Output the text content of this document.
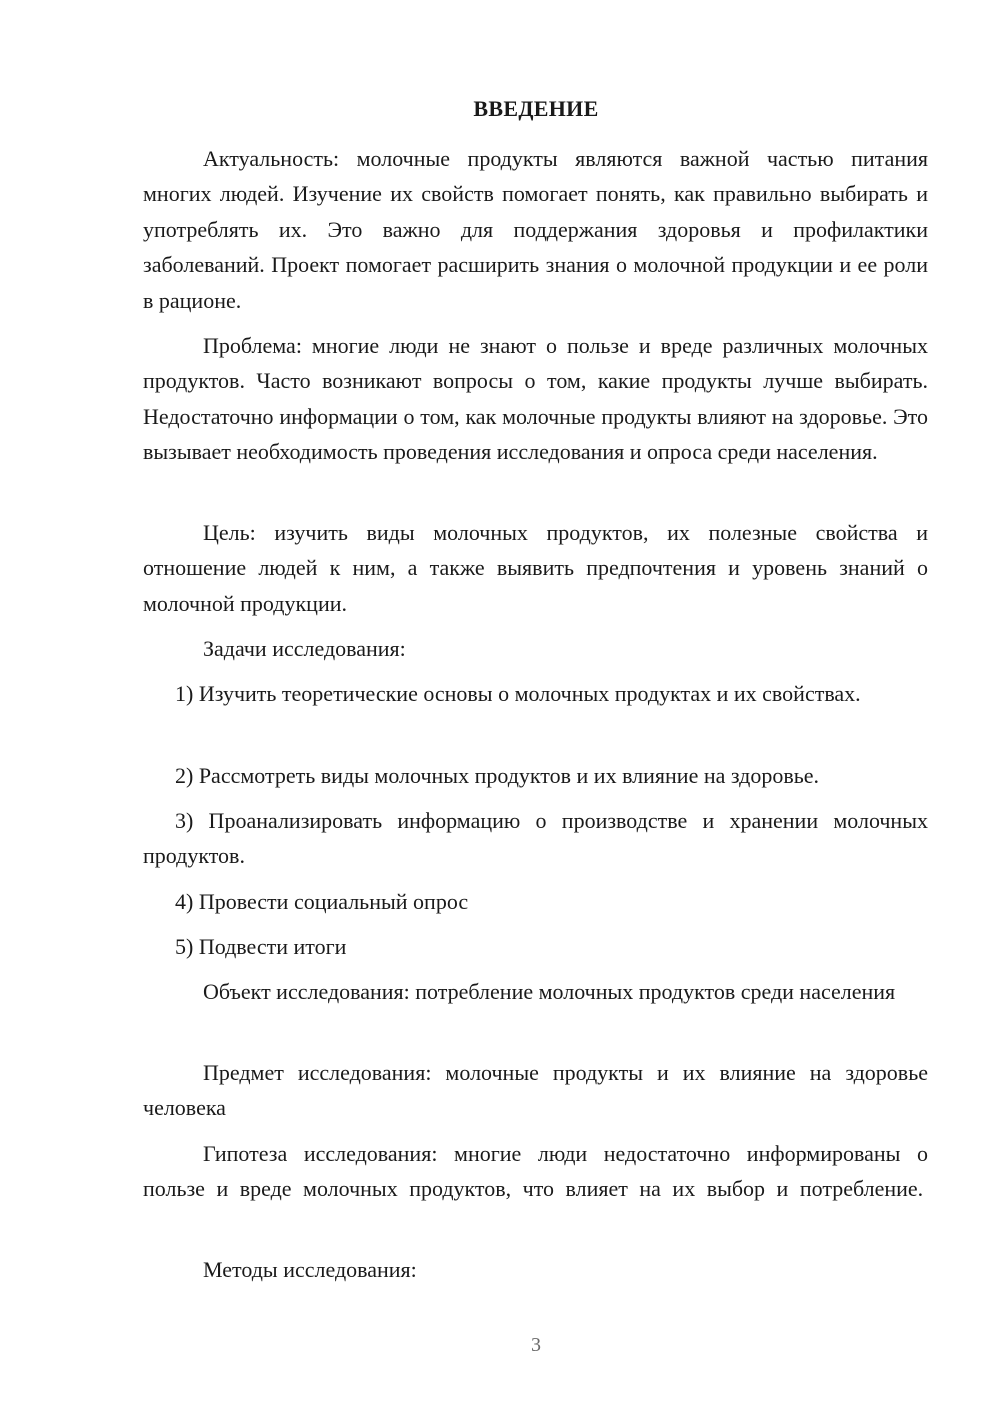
ВВЕДЕНИЕ

Актуальность: молочные продукты являются важной частью питания многих людей. Изучение их свойств помогает понять, как правильно выбирать и употреблять их. Это важно для поддержания здоровья и профилактики заболеваний. Проект помогает расширить знания о молочной продукции и ее роли в рационе.

Проблема: многие люди не знают о пользе и вреде различных молочных продуктов. Часто возникают вопросы о том, какие продукты лучше выбирать. Недостаточно информации о том, как молочные продукты влияют на здоровье. Это вызывает необходимость проведения исследования и опроса среди населения.

Цель: изучить виды молочных продуктов, их полезные свойства и отношение людей к ним, а также выявить предпочтения и уровень знаний о молочной продукции.

Задачи исследования:

1) Изучить теоретические основы о молочных продуктах и их свойствах.

2) Рассмотреть виды молочных продуктов и их влияние на здоровье.

3) Проанализировать информацию о производстве и хранении молочных продуктов.

4) Провести социальный опрос

5) Подвести итоги

Объект исследования: потребление молочных продуктов среди населения

Предмет исследования: молочные продукты и их влияние на здоровье человека

Гипотеза исследования: многие люди недостаточно информированы о пользе и вреде молочных продуктов, что влияет на их выбор и потребление.

Методы исследования:

3
